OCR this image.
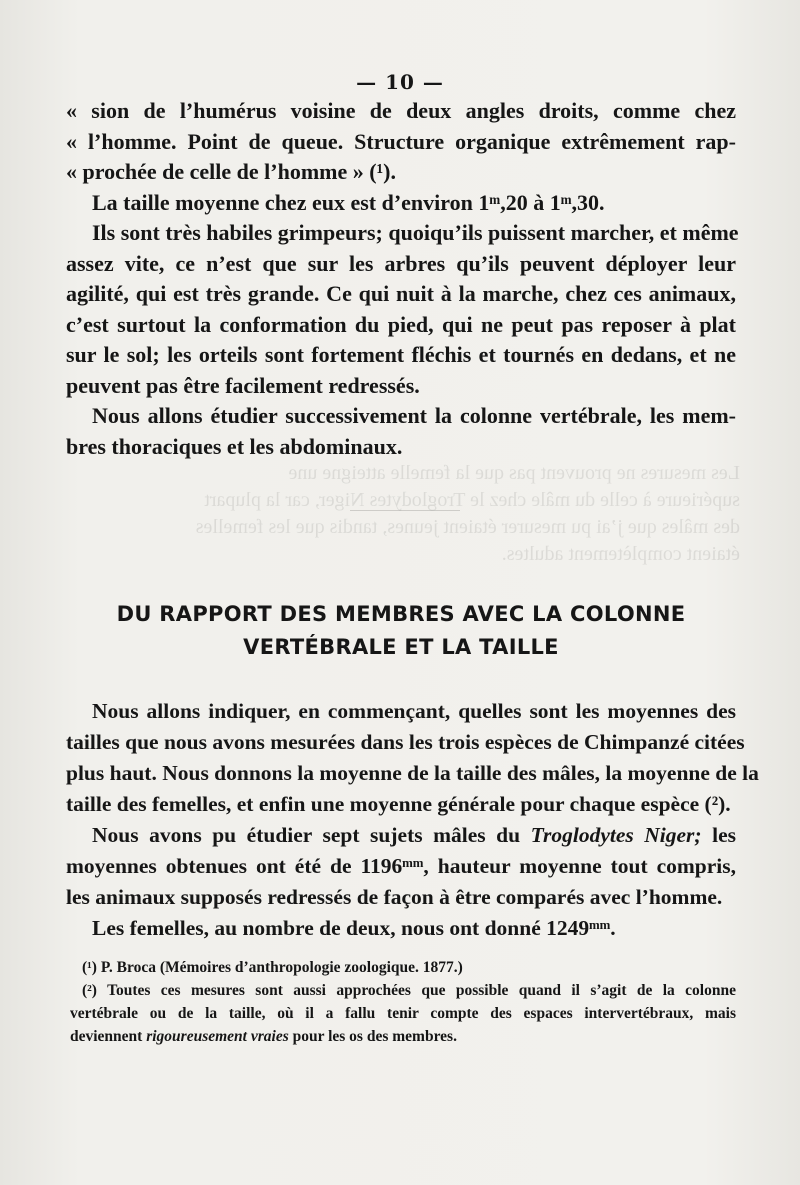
Les mesures ne prouvent pas que la femelle atteigne une
supérieure à celle du mâle chez le Troglodytes Niger, car la plupart
des mâles que j’ai pu mesurer étaient jeunes, tandis que les femelles
étaient complètement adultes.
— 10 —
« sion de l’humérus voisine de deux angles droits, comme chez
« l’homme. Point de queue. Structure organique extrêmement rap-
« prochée de celle de l’homme » (¹).
La taille moyenne chez eux est d’environ 1ᵐ,20 à 1ᵐ,30.
Ils sont très habiles grimpeurs; quoiqu’ils puissent marcher, et même
assez vite, ce n’est que sur les arbres qu’ils peuvent déployer leur
agilité, qui est très grande. Ce qui nuit à la marche, chez ces animaux,
c’est surtout la conformation du pied, qui ne peut pas reposer à plat
sur le sol; les orteils sont fortement fléchis et tournés en dedans, et ne
peuvent pas être facilement redressés.
Nous allons étudier successivement la colonne vertébrale, les mem-
bres thoraciques et les abdominaux.
DU RAPPORT DES MEMBRES AVEC LA COLONNE
VERTÉBRALE ET LA TAILLE
Nous allons indiquer, en commençant, quelles sont les moyennes des
tailles que nous avons mesurées dans les trois espèces de Chimpanzé citées
plus haut. Nous donnons la moyenne de la taille des mâles, la moyenne de la
taille des femelles, et enfin une moyenne générale pour chaque espèce (²).
Nous avons pu étudier sept sujets mâles du Troglodytes Niger; les
moyennes obtenues ont été de 1196ᵐᵐ, hauteur moyenne tout compris,
les animaux supposés redressés de façon à être comparés avec l’homme.
Les femelles, au nombre de deux, nous ont donné 1249ᵐᵐ.
(¹) P. Broca (Mémoires d’anthropologie zoologique. 1877.)
(²) Toutes ces mesures sont aussi approchées que possible quand il s’agit de la colonne
vertébrale ou de la taille, où il a fallu tenir compte des espaces intervertébraux, mais
deviennent rigoureusement vraies pour les os des membres.
